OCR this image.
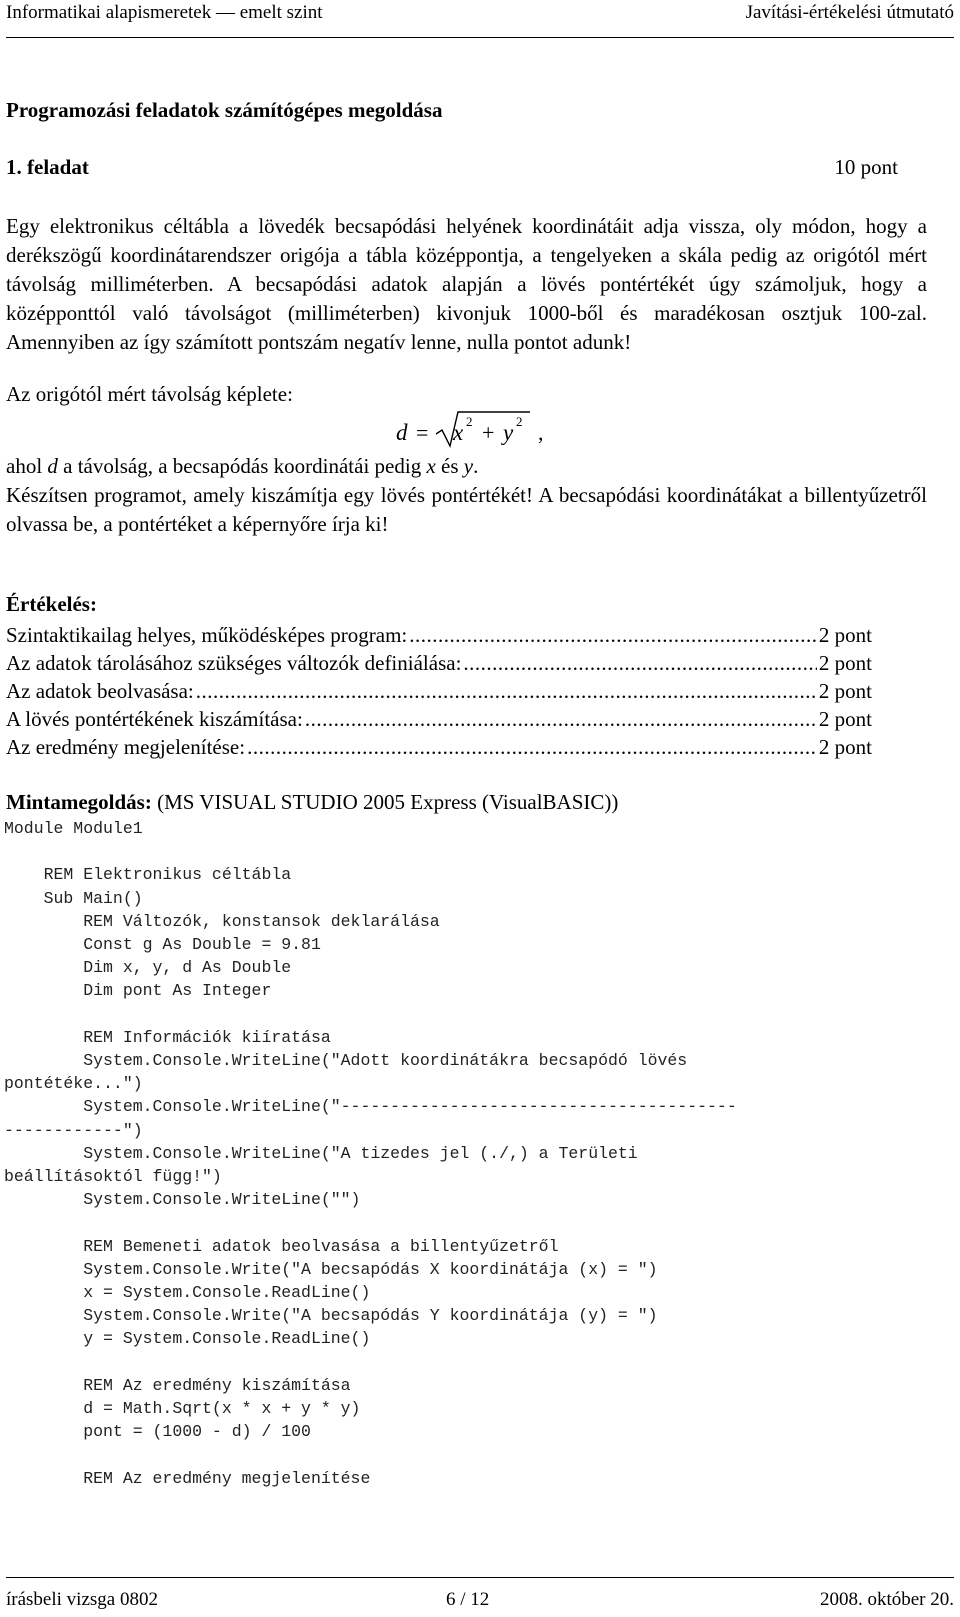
Informatikai alapismeretek — emelt szint	Javítási-értékelési útmutató
Programozási feladatok számítógépes megoldása
1. feladat	10 pont
Egy elektronikus céltábla a lövedék becsapódási helyének koordinátáit adja vissza, oly módon, hogy a derékszögű koordinátarendszer origója a tábla középpontja, a tengelyeken a skála pedig az origótól mért távolság milliméterben. A becsapódási adatok alapján a lövés pontértékét úgy számoljuk, hogy a középponttól való távolságot (milliméterben) kivonjuk 1000-ből és maradékosan osztjuk 100-zal. Amennyiben az így számított pontszám negatív lenne, nulla pontot adunk!
Az origótól mért távolság képlete:
d = x 2 + y 2 ,
ahol d a távolság, a becsapódás koordinátái pedig x és y.
Készítsen programot, amely kiszámítja egy lövés pontértékét! A becsapódási koordinátákat a billentyűzetről olvassa be, a pontértéket a képernyőre írja ki!
Értékelés:
Szintaktikailag helyes, működésképes program: .....	2 pont
Az adatok tárolásához szükséges változók definiálása: .....	2 pont
Az adatok beolvasása: .....	2 pont
A lövés pontértékének kiszámítása: .....	2 pont
Az eredmény megjelenítése: .....	2 pont
Mintamegoldás: (MS VISUAL STUDIO 2005 Express (VisualBASIC))
Module Module1

REM Elektronikus céltábla
Sub Main()
REM Változók, konstansok deklarálása
Const g As Double = 9.81
Dim x, y, d As Double
Dim pont As Integer

REM Információk kiíratása
System.Console.WriteLine("Adott koordinátákra becsapódó lövés
pontétéke...")
System.Console.WriteLine("----------------------------------------
------------")
System.Console.WriteLine("A tizedes jel (./,) a Területi
beállításoktól függ!")
System.Console.WriteLine("")

REM Bemeneti adatok beolvasása a billentyűzetről
System.Console.Write("A becsapódás X koordinátája (x) = ")
x = System.Console.ReadLine()
System.Console.Write("A becsapódás Y koordinátája (y) = ")
y = System.Console.ReadLine()

REM Az eredmény kiszámítása
d = Math.Sqrt(x * x + y * y)
pont = (1000 - d) / 100

REM Az eredmény megjelenítése
írásbeli vizsga 0802	6 / 12	2008. október 20.
